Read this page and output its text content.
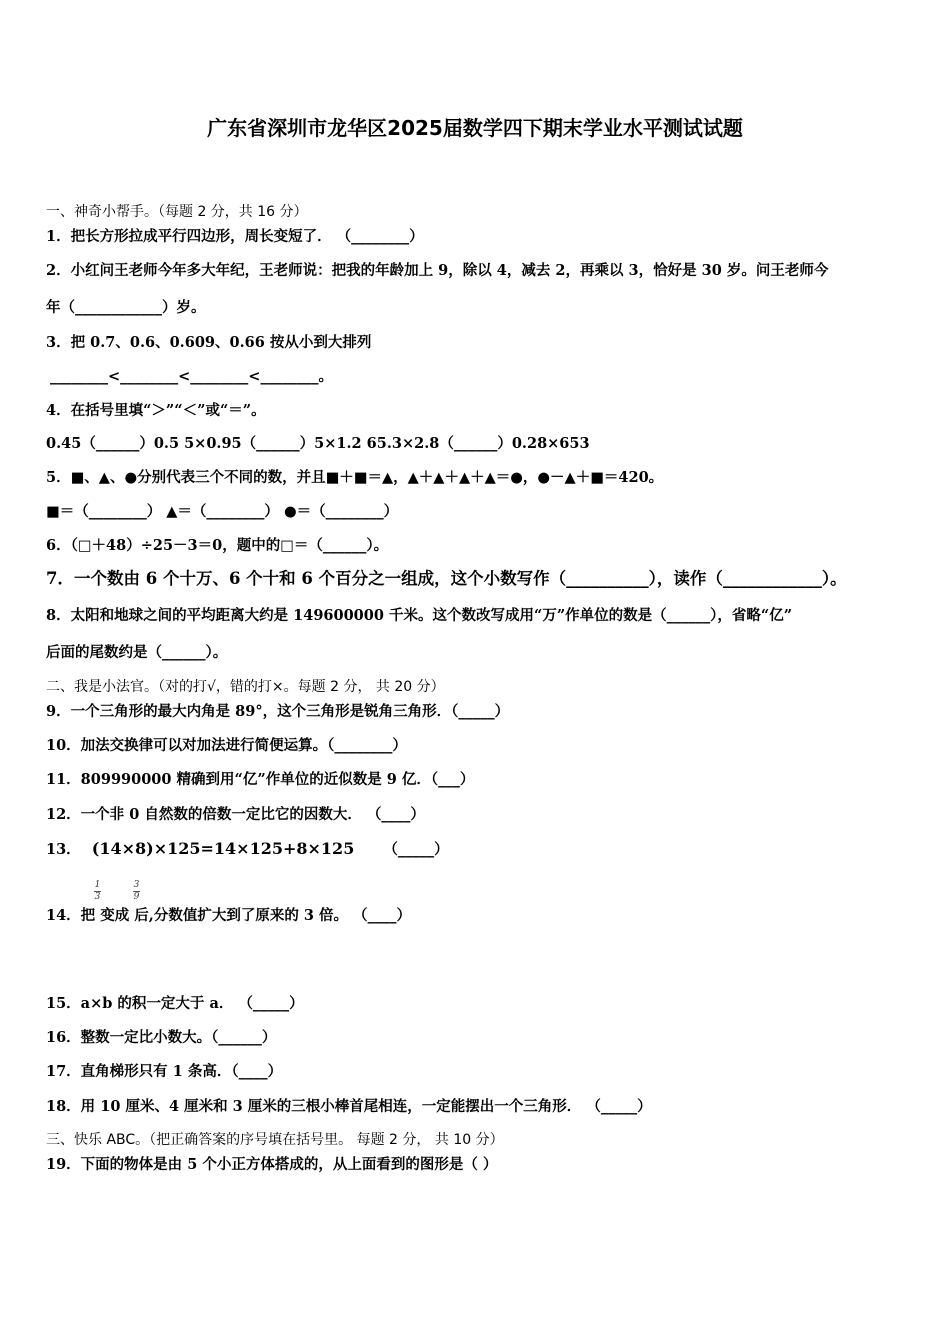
广东省深圳市龙华区2025届数学四下期末学业水平测试试题
一、神奇小帮手。（每题 2 分，共 16 分）
1．把长方形拉成平行四边形，周长变短了． （________）
2．小红问王老师今年多大年纪，王老师说：把我的年龄加上 9，除以 4，减去 2，再乘以 3，恰好是 30 岁。问王老师今
年（____________）岁。
3．把 0.7、0.6、0.609、0.66 按从小到大排列
________<________<________<________。
4．在括号里填“＞”“＜”或“＝”。
0.45（______）0.5 5×0.95（______）5×1.2 65.3×2.8（______）0.28×653
5．■、▲、●分别代表三个不同的数，并且■＋■＝▲，▲＋▲＋▲＋▲＝●，●－▲＋■＝420。
■＝（________） ▲＝（________） ●＝（________）
6．（□＋48）÷25－3＝0，题中的□＝（______）。
7．一个数由 6 个十万、6 个十和 6 个百分之一组成，这个小数写作（__________），读作（____________）。
8．太阳和地球之间的平均距离大约是 149600000 千米。这个数改写成用“万”作单位的数是（______），省略“亿”
后面的尾数约是（______）。
二、我是小法官。（对的打√，错的打×。每题 2 分， 共 20 分）
9．一个三角形的最大内角是 89°，这个三角形是锐角三角形．（_____）
10．加法交换律可以对加法进行简便运算。（________）
11．809990000 精确到用“亿”作单位的近似数是 9 亿．（___）
12．一个非 0 自然数的倍数一定比它的因数大． （____）
13． (14×8)×125=14×125+8×125 （_____）
1
3
3
9
14．把 变成 后,分数值扩大到了原来的 3 倍。 （____）
15．a×b 的积一定大于 a． （_____）
16．整数一定比小数大。（______）
17．直角梯形只有 1 条高．（____）
18．用 10 厘米、4 厘米和 3 厘米的三根小棒首尾相连，一定能摆出一个三角形． （_____）
三、快乐 ABC。（把正确答案的序号填在括号里。 每题 2 分， 共 10 分）
19．下面的物体是由 5 个小正方体搭成的，从上面看到的图形是（ ）
